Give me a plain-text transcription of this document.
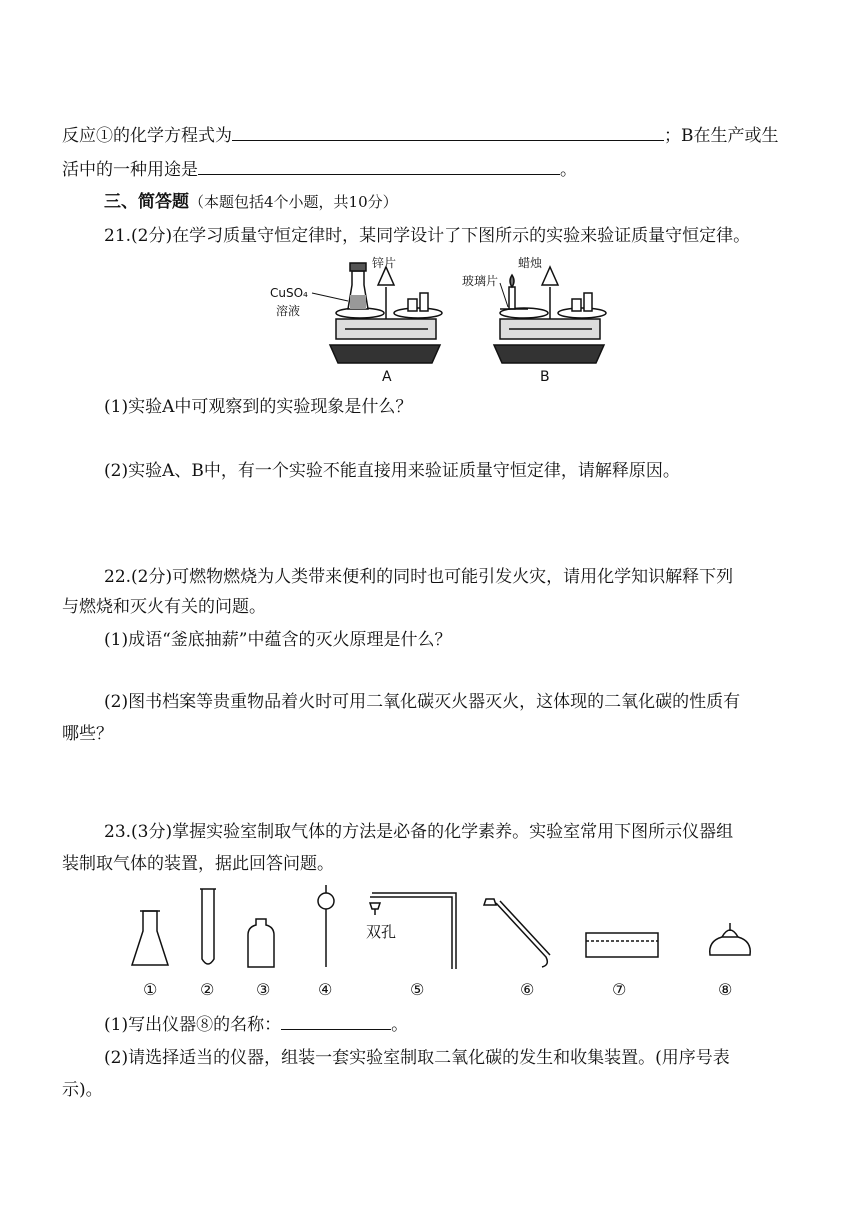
反应①的化学方程式为	；B在生产或生
活中的一种用途是	。
三、简答题（本题包括4个小题，共10分）
21.(2分)在学习质量守恒定律时，某同学设计了下图所示的实验来验证质量守恒定律。
锌片
CuSO₄
溶液
A
蜡烛
玻璃片
B
(1)实验A中可观察到的实验现象是什么？
(2)实验A、B中，有一个实验不能直接用来验证质量守恒定律，请解释原因。
22.(2分)可燃物燃烧为人类带来便利的同时也可能引发火灾，请用化学知识解释下列
与燃烧和灭火有关的问题。
(1)成语“釜底抽薪”中蕴含的灭火原理是什么？
(2)图书档案等贵重物品着火时可用二氧化碳灭火器灭火，这体现的二氧化碳的性质有
哪些？
23.(3分)掌握实验室制取气体的方法是必备的化学素养。实验室常用下图所示仪器组
装制取气体的装置，据此回答问题。
双孔
①	②	③	④	⑤	⑥	⑦	⑧
(1)写出仪器⑧的名称：	。
(2)请选择适当的仪器，组装一套实验室制取二氧化碳的发生和收集装置。(用序号表
示)。
